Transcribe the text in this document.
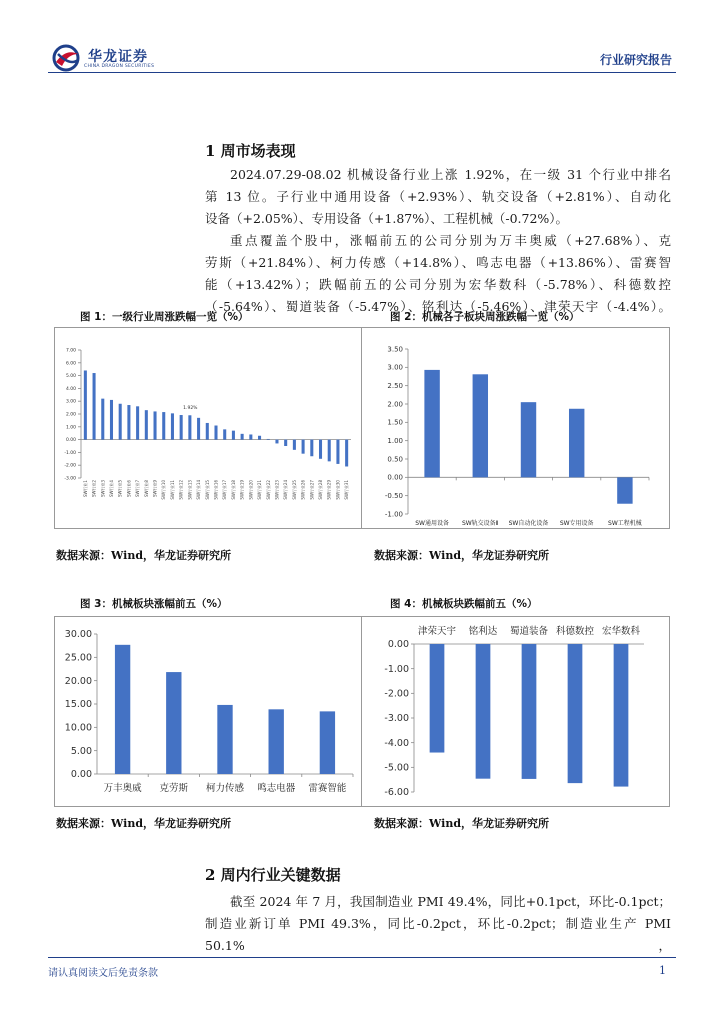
华龙证券
CHINA DRAGON SECURITIES	行业研究报告
1 周市场表现
2024.07.29-08.02 机械设备行业上涨 1.92%，在一级 31 个行业中排名
第 13 位。子行业中通用设备（+2.93%）、轨交设备（+2.81%）、自动化
设备（+2.05%）、专用设备（+1.87%）、工程机械（-0.72%）。
重点覆盖个股中，涨幅前五的公司分别为万丰奥威（+27.68%）、克
劳斯（+21.84%）、柯力传感（+14.8%）、鸣志电器（+13.86%）、雷赛智
能（+13.42%）；跌幅前五的公司分别为宏华数科（-5.78%）、科德数控
（-5.64%）、蜀道装备（-5.47%）、铭利达（-5.46%）、津荣天宇（-4.4%）。
图 1：一级行业周涨跌幅一览（%）	图 2：机械各子板块周涨跌幅一览（%）
7.00
6.00
5.00
4.00
3.00
2.00
1.00
0.00
-1.00
-2.00
-3.00
SW行业1 SW行业2 SW行业3 SW行业4 SW行业5 SW行业6 SW行业7 SW行业8 SW行业9 SW行业10 SW行业11 SW行业12 SW行业13 SW行业14 SW行业15 SW行业16 SW行业17 SW行业18 SW行业19 SW行业20 SW行业21 SW行业22 SW行业23 SW行业24 SW行业25 SW行业26 SW行业27 SW行业28 SW行业29 SW行业30 SW行业31
1.92%
3.50
3.00
2.50
2.00
1.50
1.00
0.50
0.00
-0.50
-1.00
SW通用设备 SW轨交设备Ⅱ SW自动化设备 SW专用设备 SW工程机械
数据来源：Wind，华龙证券研究所	数据来源：Wind，华龙证券研究所
图 3：机械板块涨幅前五（%）	图 4：机械板块跌幅前五（%）
30.00
25.00
20.00
15.00
10.00
5.00
0.00
万丰奥威 克劳斯 柯力传感 鸣志电器 雷赛智能
0.00
-1.00
-2.00
-3.00
-4.00
-5.00
-6.00
津荣天宇 铭利达 蜀道装备 科德数控 宏华数科
数据来源：Wind，华龙证券研究所	数据来源：Wind，华龙证券研究所
2 周内行业关键数据
截至 2024 年 7 月，我国制造业 PMI 49.4%，同比+0.1pct，环比-0.1pct；
制造业新订单 PMI 49.3%，同比-0.2pct，环比-0.2pct；制造业生产 PMI 50.1%，
请认真阅读文后免责条款	1
